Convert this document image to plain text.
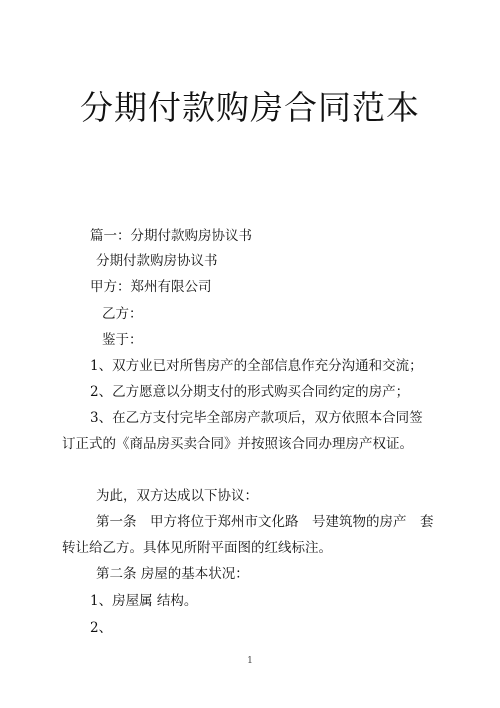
分期付款购房合同范本
篇一：分期付款购房协议书
分期付款购房协议书
甲方：郑州有限公司
乙方：
鉴于：
1、双方业已对所售房产的全部信息作充分沟通和交流；
2、乙方愿意以分期支付的形式购买合同约定的房产；
3、在乙方支付完毕全部房产款项后，双方依照本合同签
订正式的《商品房买卖合同》并按照该合同办理房产权证。
为此，双方达成以下协议：
第一条　甲方将位于郑州市文化路　号建筑物的房产　套
转让给乙方。具体见所附平面图的红线标注。
第二条 房屋的基本状况：
1、房屋属 结构。
2、
1
